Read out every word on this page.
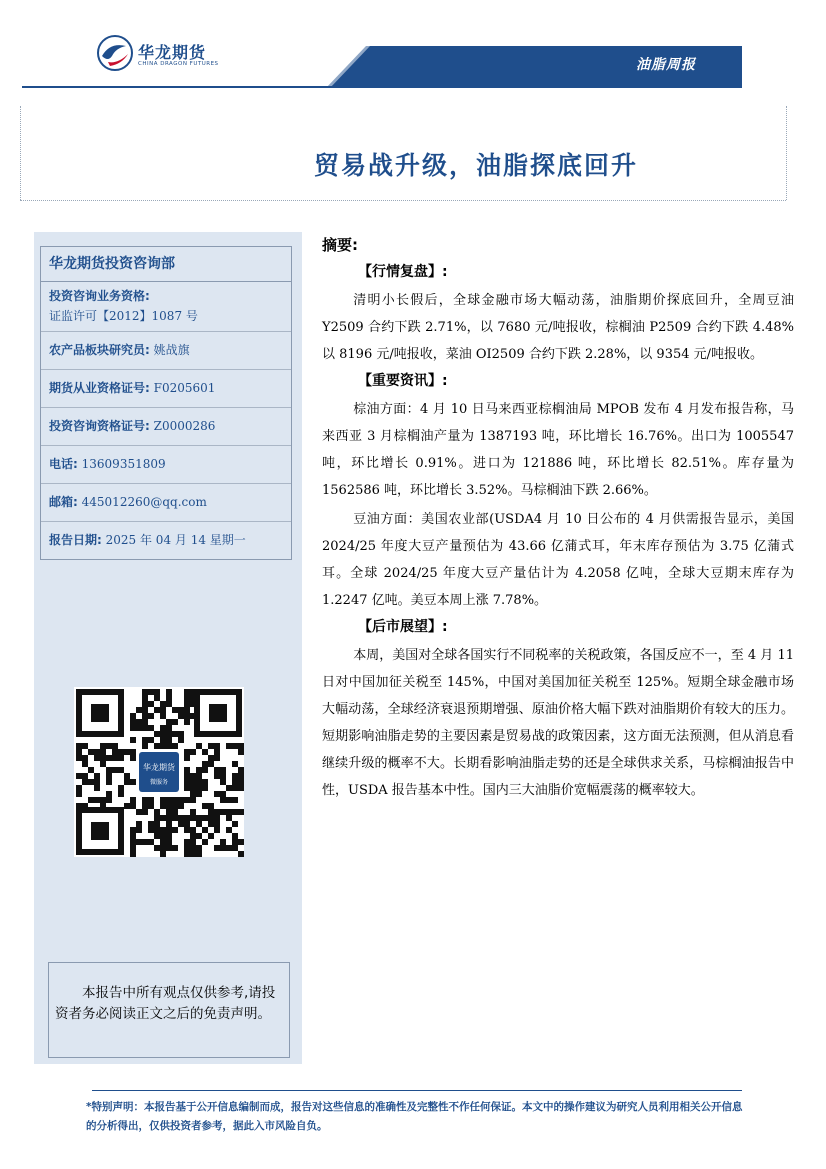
华龙期货
CHINA DRAGON FUTURES	油脂周报
贸易战升级，油脂探底回升
华龙期货投资咨询部
投资咨询业务资格:
证监许可【2012】1087 号
农产品板块研究员: 姚战旗
期货从业资格证号: F0205601
投资咨询资格证号: Z0000286
电话: 13609351809
邮箱: 445012260@qq.com
报告日期: 2025 年 04 月 14 星期一
华龙期货
微服务
本报告中所有观点仅供参考,请投资者务必阅读正文之后的免责声明。
摘要:
【行情复盘】:

清明小长假后，全球金融市场大幅动荡，油脂期价探底回升，全周豆油 Y2509 合约下跌 2.71%，以 7680 元/吨报收，棕榈油 P2509 合约下跌 4.48%以 8196 元/吨报收，菜油 OI2509 合约下跌 2.28%，以 9354 元/吨报收。

【重要资讯】:

棕油方面：4 月 10 日马来西亚棕榈油局 MPOB 发布 4 月发布报告称，马来西亚 3 月棕榈油产量为 1387193 吨，环比增长 16.76%。出口为 1005547 吨，环比增长 0.91%。进口为 121886 吨，环比增长 82.51%。库存量为 1562586 吨，环比增长 3.52%。马棕榈油下跌 2.66%。

豆油方面：美国农业部(USDA4 月 10 日公布的 4 月供需报告显示，美国 2024/25 年度大豆产量预估为 43.66 亿蒲式耳，年末库存预估为 3.75 亿蒲式耳。全球 2024/25 年度大豆产量估计为 4.2058 亿吨，全球大豆期末库存为 1.2247 亿吨。美豆本周上涨 7.78%。

【后市展望】:

本周，美国对全球各国实行不同税率的关税政策，各国反应不一，至 4 月 11 日对中国加征关税至 145%，中国对美国加征关税至 125%。短期全球金融市场大幅动荡，全球经济衰退预期增强、原油价格大幅下跌对油脂期价有较大的压力。短期影响油脂走势的主要因素是贸易战的政策因素，这方面无法预测，但从消息看继续升级的概率不大。长期看影响油脂走势的还是全球供求关系，马棕榈油报告中性，USDA 报告基本中性。国内三大油脂价宽幅震荡的概率较大。

*特别声明：本报告基于公开信息编制而成，报告对这些信息的准确性及完整性不作任何保证。本文中的操作建议为研究人员利用相关公开信息的分析得出，仅供投资者参考，据此入市风险自负。
